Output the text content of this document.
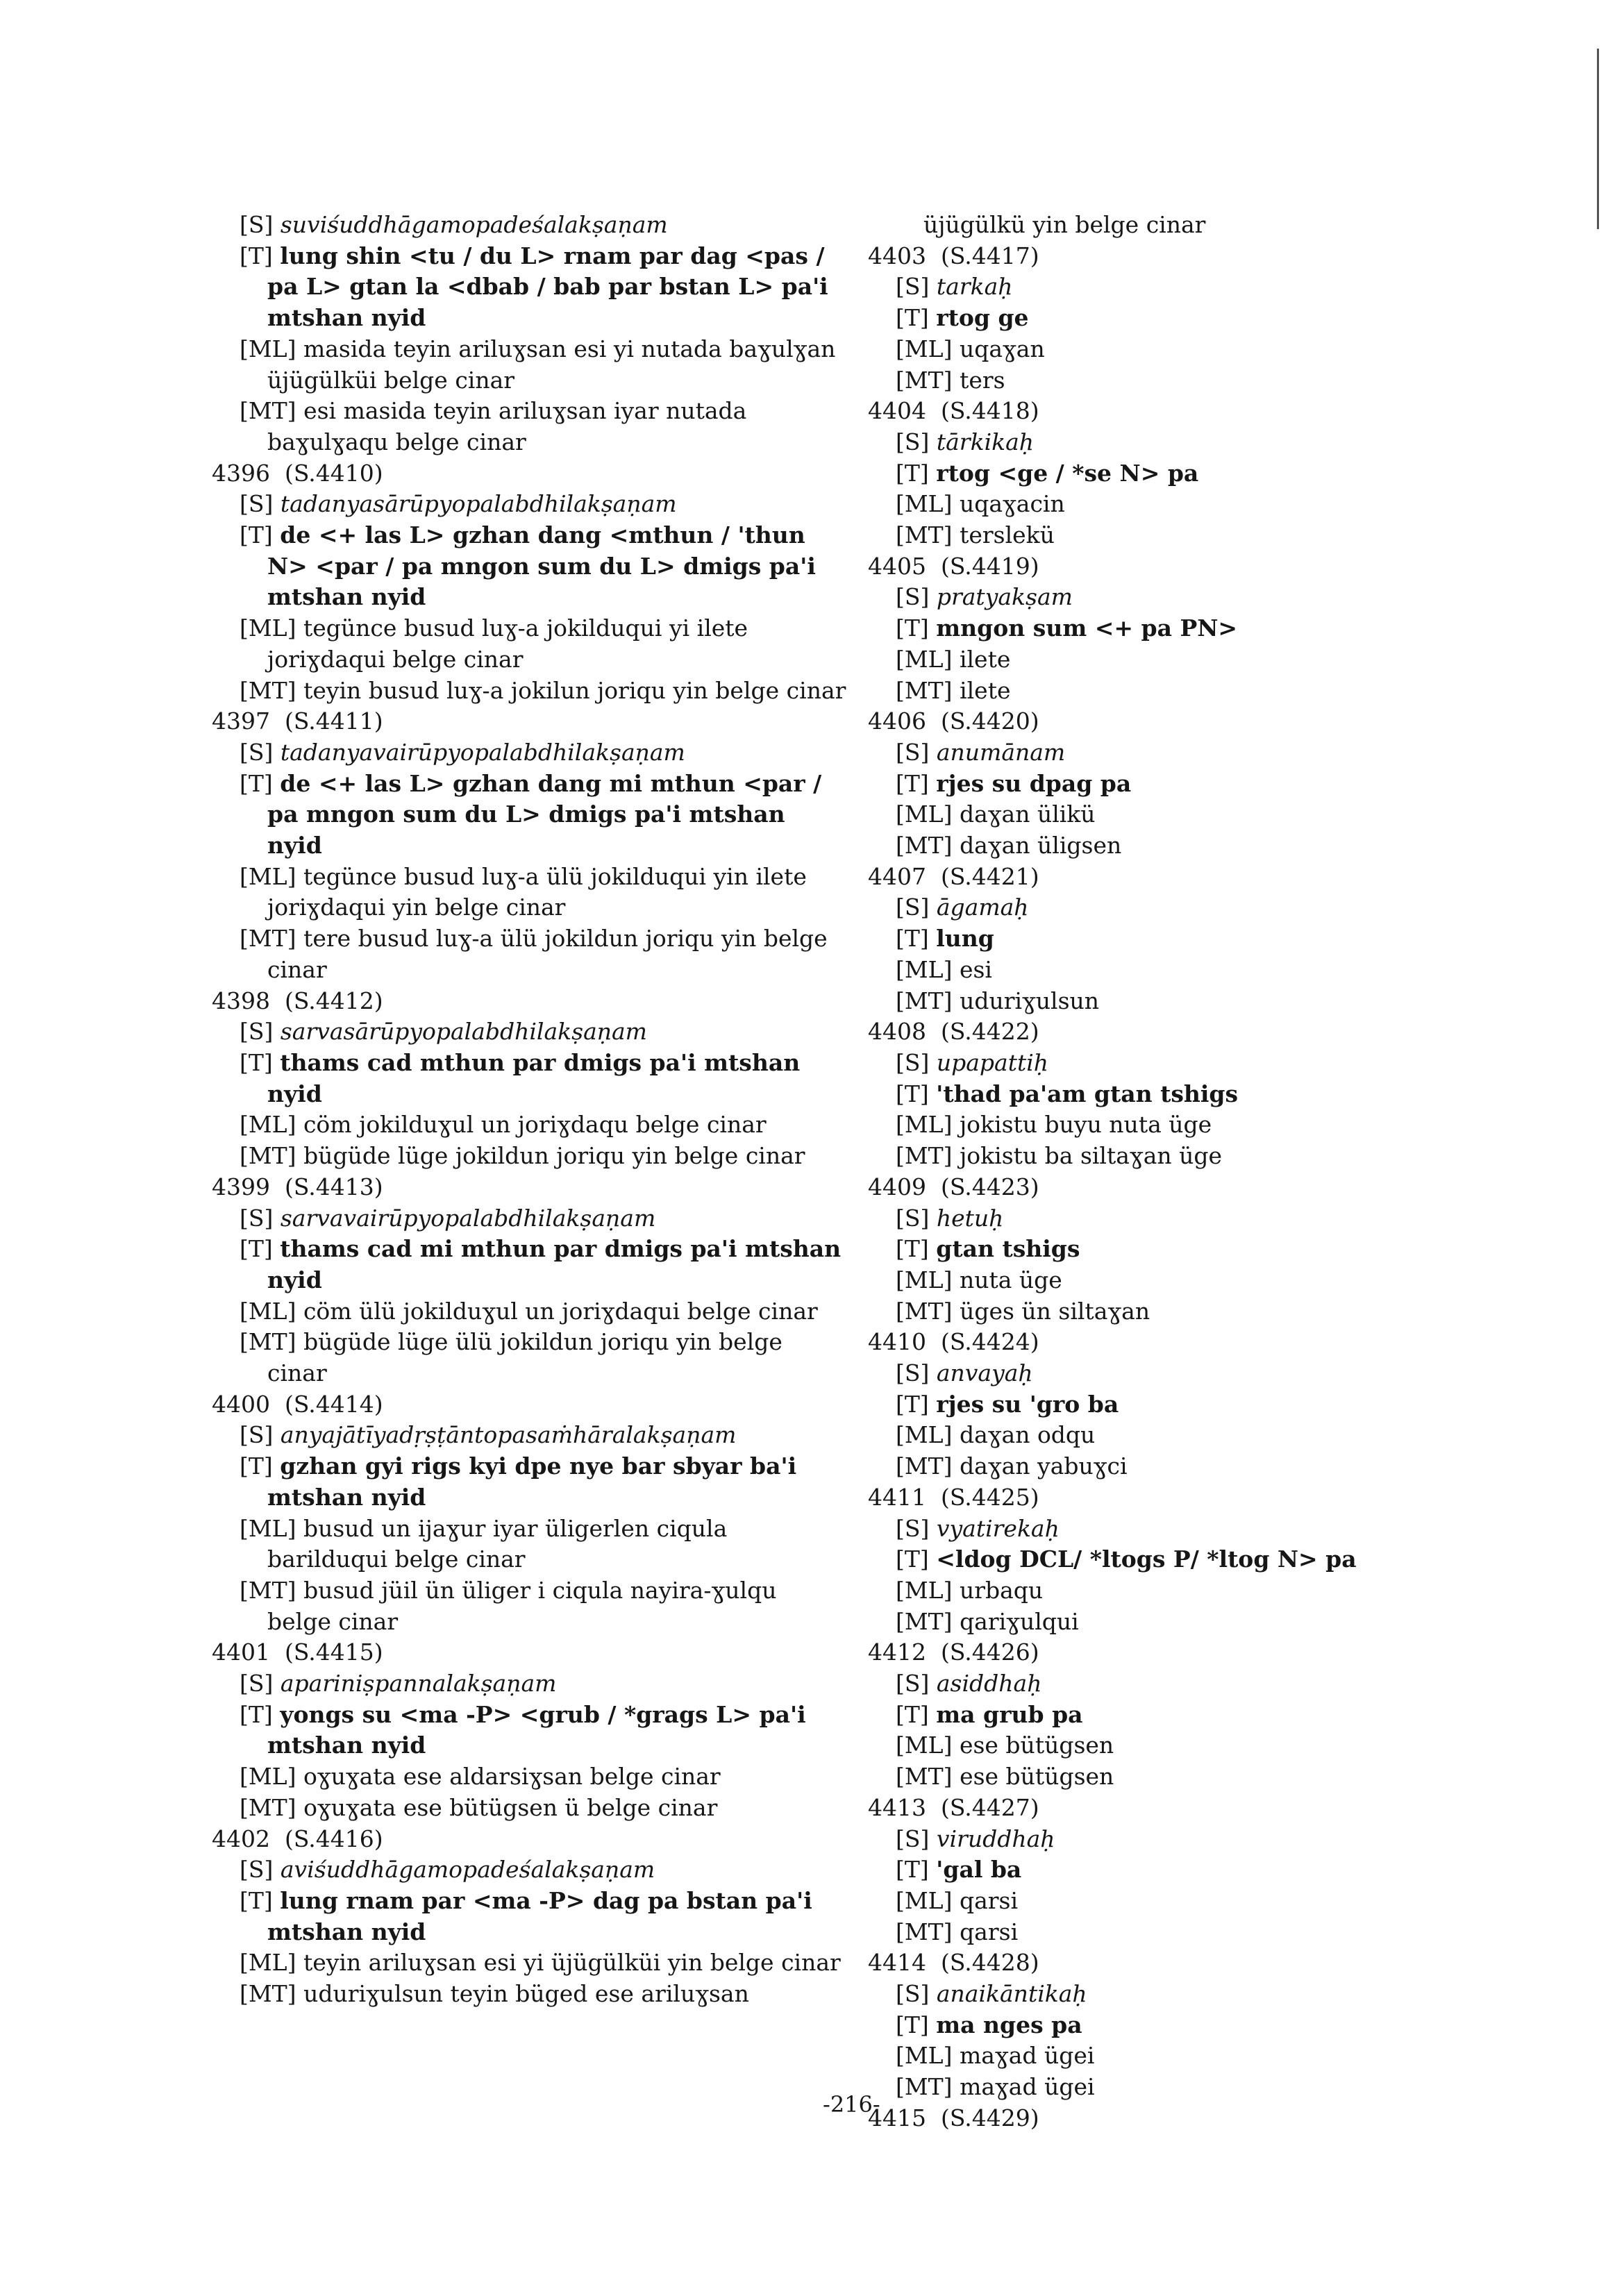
[S] suviśuddhāgamopadeśalakṣaṇam
[T] lung shin <tu / du L> rnam par dag <pas / pa L> gtan la <dbab / bab par bstan L> pa'i mtshan nyid
[ML] masida teyin ariluɣsan esi yi nutada baɣulɣan üjügülküi belge cinar
[MT] esi masida teyin ariluɣsan iyar nutada baɣulɣaqu belge cinar
4396 (S.4410)
[S] tadanyasārūpyopalabdhilakṣaṇam
[T] de <+ las L> gzhan dang <mthun / 'thun N> <par / pa mngon sum du L> dmigs pa'i mtshan nyid
[ML] tegünce busud luɣ-a jokilduqui yi ilete joriɣdaqui belge cinar
[MT] teyin busud luɣ-a jokilun joriqu yin belge cinar
4397 (S.4411)
[S] tadanyavairūpyopalabdhilakṣaṇam
[T] de <+ las L> gzhan dang mi mthun <par / pa mngon sum du L> dmigs pa'i mtshan nyid
[ML] tegünce busud luɣ-a ülü jokilduqui yin ilete joriɣdaqui yin belge cinar
[MT] tere busud luɣ-a ülü jokildun joriqu yin belge cinar
4398 (S.4412)
[S] sarvasārūpyopalabdhilakṣaṇam
[T] thams cad mthun par dmigs pa'i mtshan nyid
[ML] cöm jokilduɣul un joriɣdaqu belge cinar
[MT] bügüde lüge jokildun joriqu yin belge cinar
4399 (S.4413)
[S] sarvavairūpyopalabdhilakṣaṇam
[T] thams cad mi mthun par dmigs pa'i mtshan nyid
[ML] cöm ülü jokilduɣul un joriɣdaqui belge cinar
[MT] bügüde lüge ülü jokildun joriqu yin belge cinar
4400 (S.4414)
[S] anyajātīyadṛṣṭāntopasaṁhāralakṣaṇam
[T] gzhan gyi rigs kyi dpe nye bar sbyar ba'i mtshan nyid
[ML] busud un ijaɣur iyar üligerlen ciqula barilduqui belge cinar
[MT] busud jüil ün üliger i ciqula nayira-ɣulqu belge cinar
4401 (S.4415)
[S] apariniṣpannalakṣaṇam
[T] yongs su <ma -P> <grub / *grags L> pa'i mtshan nyid
[ML] oɣuɣata ese aldarsiɣsan belge cinar
[MT] oɣuɣata ese bütügsen ü belge cinar
4402 (S.4416)
[S] aviśuddhāgamopadeśalakṣaṇam
[T] lung rnam par <ma -P> dag pa bstan pa'i mtshan nyid
[ML] teyin ariluɣsan esi yi üjügülküi yin belge cinar
[MT] uduriɣulsun teyin büged ese ariluɣsan
üjügülkü yin belge cinar
4403 (S.4417)
[S] tarkaḥ
[T] rtog ge
[ML] uqaɣan
[MT] ters
4404 (S.4418)
[S] tārkikaḥ
[T] rtog <ge / *se N> pa
[ML] uqaɣacin
[MT] terslekü
4405 (S.4419)
[S] pratyakṣam
[T] mngon sum <+ pa PN>
[ML] ilete
[MT] ilete
4406 (S.4420)
[S] anumānam
[T] rjes su dpag pa
[ML] daɣan ülikü
[MT] daɣan üligsen
4407 (S.4421)
[S] āgamaḥ
[T] lung
[ML] esi
[MT] uduriɣulsun
4408 (S.4422)
[S] upapattiḥ
[T] 'thad pa'am gtan tshigs
[ML] jokistu buyu nuta üge
[MT] jokistu ba siltaɣan üge
4409 (S.4423)
[S] hetuḥ
[T] gtan tshigs
[ML] nuta üge
[MT] üges ün siltaɣan
4410 (S.4424)
[S] anvayaḥ
[T] rjes su 'gro ba
[ML] daɣan odqu
[MT] daɣan yabuɣci
4411 (S.4425)
[S] vyatirekaḥ
[T] <ldog DCL/ *ltogs P/ *ltog N> pa
[ML] urbaqu
[MT] qariɣulqui
4412 (S.4426)
[S] asiddhaḥ
[T] ma grub pa
[ML] ese bütügsen
[MT] ese bütügsen
4413 (S.4427)
[S] viruddhaḥ
[T] 'gal ba
[ML] qarsi
[MT] qarsi
4414 (S.4428)
[S] anaikāntikaḥ
[T] ma nges pa
[ML] maɣad ügei
[MT] maɣad ügei
4415 (S.4429)
-216-
